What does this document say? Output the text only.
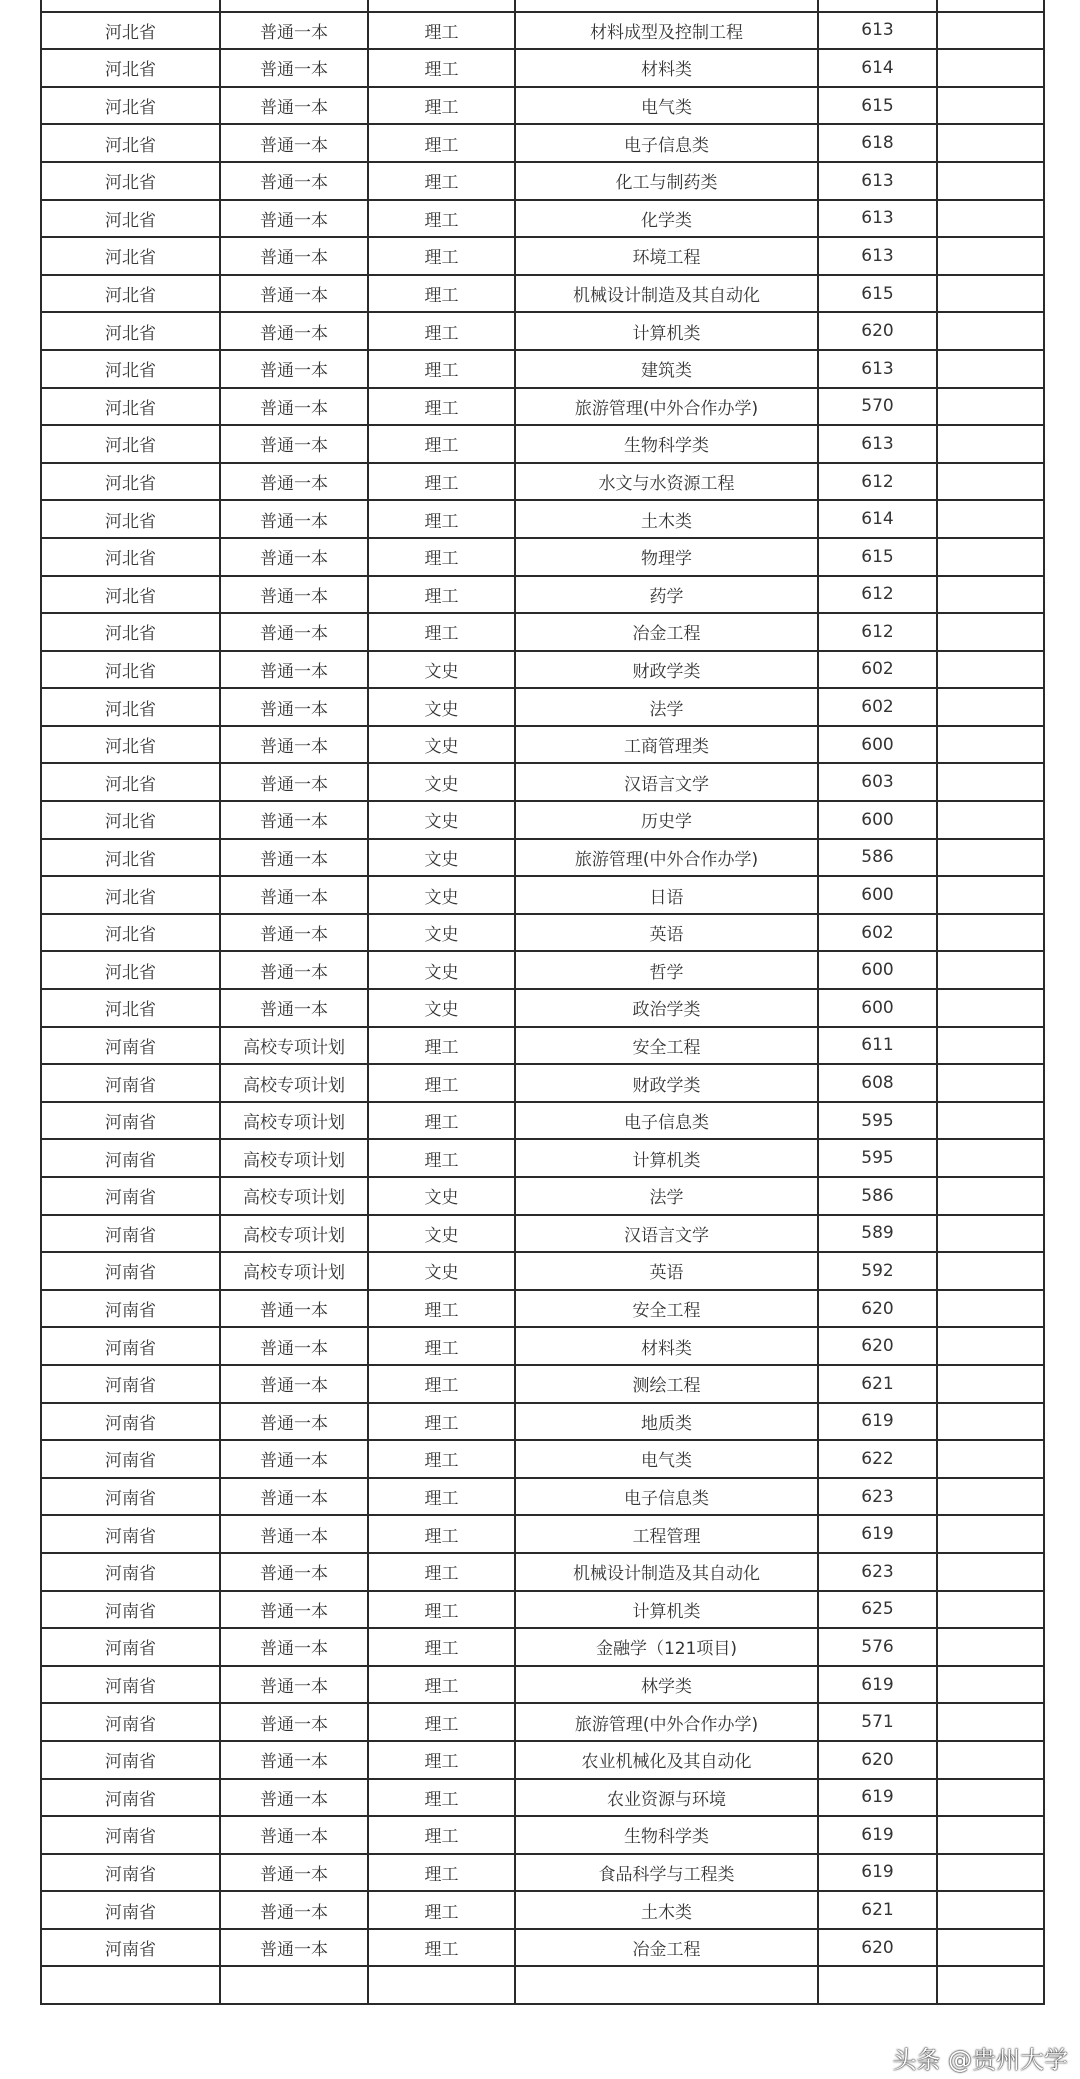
河北省	普通一本	理工	材料成型及控制工程	613	
河北省	普通一本	理工	材料类	614	
河北省	普通一本	理工	电气类	615	
河北省	普通一本	理工	电子信息类	618	
河北省	普通一本	理工	化工与制药类	613	
河北省	普通一本	理工	化学类	613	
河北省	普通一本	理工	环境工程	613	
河北省	普通一本	理工	机械设计制造及其自动化	615	
河北省	普通一本	理工	计算机类	620	
河北省	普通一本	理工	建筑类	613	
河北省	普通一本	理工	旅游管理(中外合作办学)	570	
河北省	普通一本	理工	生物科学类	613	
河北省	普通一本	理工	水文与水资源工程	612	
河北省	普通一本	理工	土木类	614	
河北省	普通一本	理工	物理学	615	
河北省	普通一本	理工	药学	612	
河北省	普通一本	理工	冶金工程	612	
河北省	普通一本	文史	财政学类	602	
河北省	普通一本	文史	法学	602	
河北省	普通一本	文史	工商管理类	600	
河北省	普通一本	文史	汉语言文学	603	
河北省	普通一本	文史	历史学	600	
河北省	普通一本	文史	旅游管理(中外合作办学)	586	
河北省	普通一本	文史	日语	600	
河北省	普通一本	文史	英语	602	
河北省	普通一本	文史	哲学	600	
河北省	普通一本	文史	政治学类	600	
河南省	高校专项计划	理工	安全工程	611	
河南省	高校专项计划	理工	财政学类	608	
河南省	高校专项计划	理工	电子信息类	595	
河南省	高校专项计划	理工	计算机类	595	
河南省	高校专项计划	文史	法学	586	
河南省	高校专项计划	文史	汉语言文学	589	
河南省	高校专项计划	文史	英语	592	
河南省	普通一本	理工	安全工程	620	
河南省	普通一本	理工	材料类	620	
河南省	普通一本	理工	测绘工程	621	
河南省	普通一本	理工	地质类	619	
河南省	普通一本	理工	电气类	622	
河南省	普通一本	理工	电子信息类	623	
河南省	普通一本	理工	工程管理	619	
河南省	普通一本	理工	机械设计制造及其自动化	623	
河南省	普通一本	理工	计算机类	625	
河南省	普通一本	理工	金融学（121项目)	576	
河南省	普通一本	理工	林学类	619	
河南省	普通一本	理工	旅游管理(中外合作办学)	571	
河南省	普通一本	理工	农业机械化及其自动化	620	
河南省	普通一本	理工	农业资源与环境	619	
河南省	普通一本	理工	生物科学类	619	
河南省	普通一本	理工	食品科学与工程类	619	
河南省	普通一本	理工	土木类	621	
河南省	普通一本	理工	冶金工程	620	

头条 @贵州大学
